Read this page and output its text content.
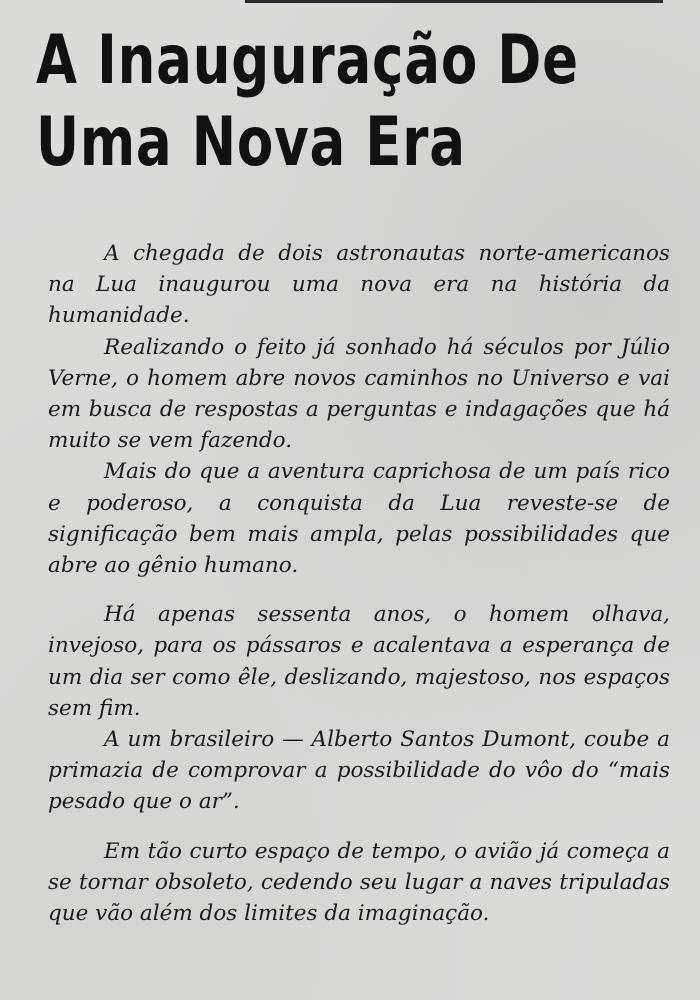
A Inauguração De
Uma Nova Era

A chegada de dois astronautas norte-americanos na Lua inaugurou uma nova era na história da humanidade.

Realizando o feito já sonhado há séculos por Júlio Verne, o homem abre novos caminhos no Universo e vai em busca de respostas a perguntas e indagações que há muito se vem fazendo.

Mais do que a aventura caprichosa de um país rico e poderoso, a conquista da Lua reveste-se de significação bem mais ampla, pelas possibilidades que abre ao gênio humano.

Há apenas sessenta anos, o homem olhava, invejoso, para os pássaros e acalentava a esperança de um dia ser como êle, deslizando, majestoso, nos espaços sem fim.

A um brasileiro — Alberto Santos Dumont, coube a primazia de comprovar a possibilidade do vôo do “mais pesado que o ar”.

Em tão curto espaço de tempo, o avião já começa a se tornar obsoleto, cedendo seu lugar a naves tripuladas que vão além dos limites da imaginação.
